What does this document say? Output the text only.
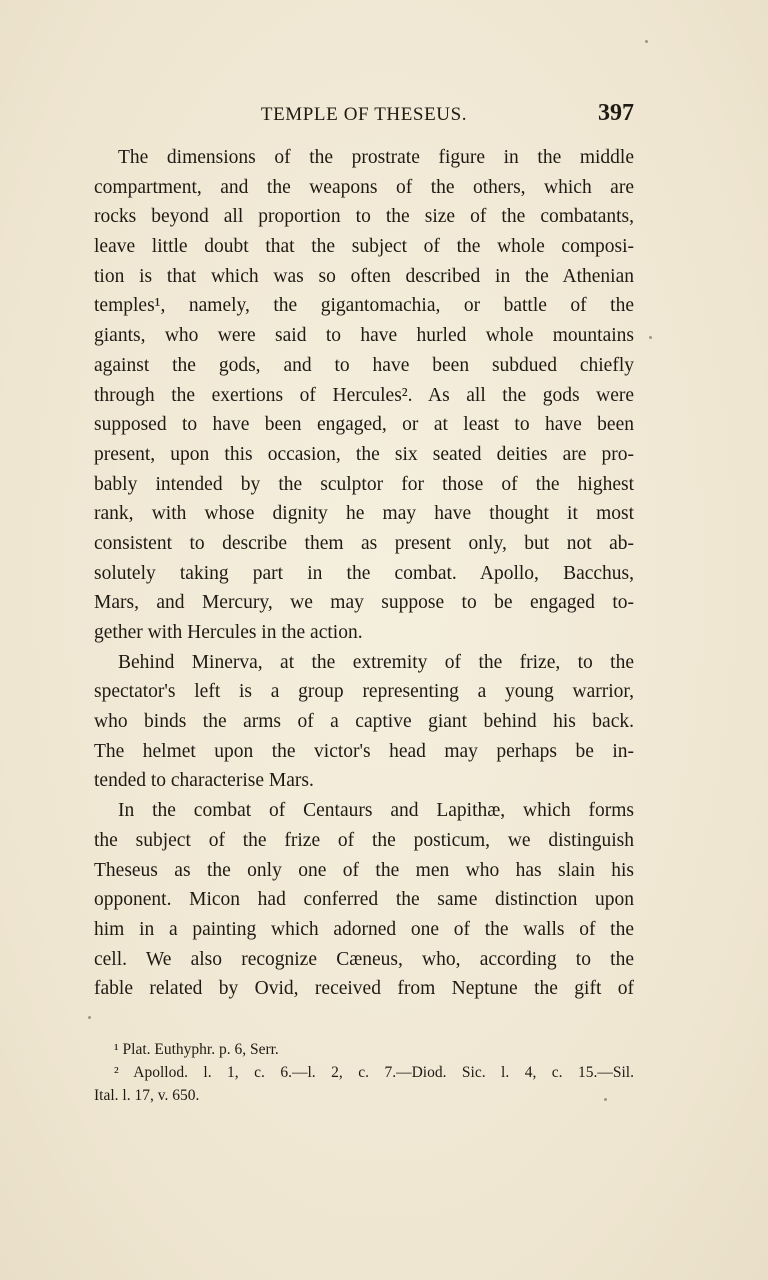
TEMPLE OF THESEUS.	397
The dimensions of the prostrate figure in the middle
compartment, and the weapons of the others, which are
rocks beyond all proportion to the size of the combatants,
leave little doubt that the subject of the whole composi-
tion is that which was so often described in the Athenian
temples¹, namely, the gigantomachia, or battle of the
giants, who were said to have hurled whole mountains
against the gods, and to have been subdued chiefly
through the exertions of Hercules². As all the gods were
supposed to have been engaged, or at least to have been
present, upon this occasion, the six seated deities are pro-
bably intended by the sculptor for those of the highest
rank, with whose dignity he may have thought it most
consistent to describe them as present only, but not ab-
solutely taking part in the combat. Apollo, Bacchus,
Mars, and Mercury, we may suppose to be engaged to-
gether with Hercules in the action.
Behind Minerva, at the extremity of the frize, to the
spectator's left is a group representing a young warrior,
who binds the arms of a captive giant behind his back.
The helmet upon the victor's head may perhaps be in-
tended to characterise Mars.
In the combat of Centaurs and Lapithæ, which forms
the subject of the frize of the posticum, we distinguish
Theseus as the only one of the men who has slain his
opponent. Micon had conferred the same distinction upon
him in a painting which adorned one of the walls of the
cell. We also recognize Cæneus, who, according to the
fable related by Ovid, received from Neptune the gift of
¹ Plat. Euthyphr. p. 6, Serr.
² Apollod. l. 1, c. 6.—l. 2, c. 7.—Diod. Sic. l. 4, c. 15.—Sil.
Ital. l. 17, v. 650.
